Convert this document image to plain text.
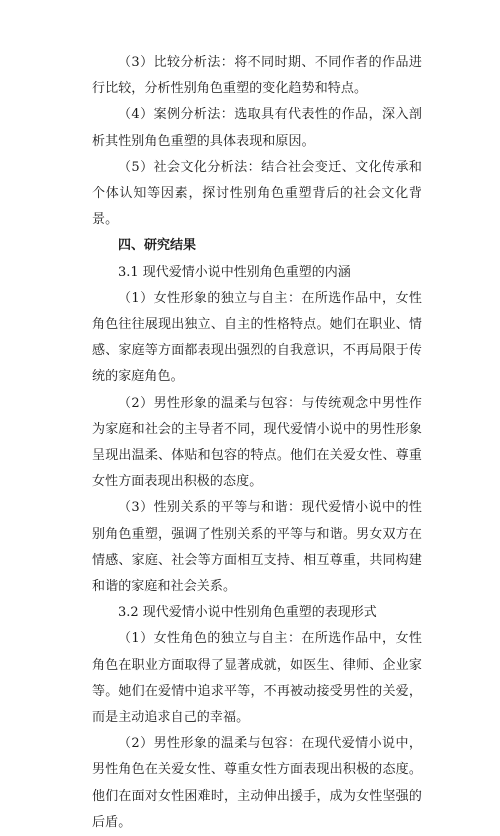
（3）比较分析法：将不同时期、不同作者的作品进行比较，分析性别角色重塑的变化趋势和特点。

（4）案例分析法：选取具有代表性的作品，深入剖析其性别角色重塑的具体表现和原因。

（5）社会文化分析法：结合社会变迁、文化传承和个体认知等因素，探讨性别角色重塑背后的社会文化背景。

四、研究结果

3.1 现代爱情小说中性别角色重塑的内涵

（1）女性形象的独立与自主：在所选作品中，女性角色往往展现出独立、自主的性格特点。她们在职业、情感、家庭等方面都表现出强烈的自我意识，不再局限于传统的家庭角色。

（2）男性形象的温柔与包容：与传统观念中男性作为家庭和社会的主导者不同，现代爱情小说中的男性形象呈现出温柔、体贴和包容的特点。他们在关爱女性、尊重女性方面表现出积极的态度。

（3）性别关系的平等与和谐：现代爱情小说中的性别角色重塑，强调了性别关系的平等与和谐。男女双方在情感、家庭、社会等方面相互支持、相互尊重，共同构建和谐的家庭和社会关系。

3.2 现代爱情小说中性别角色重塑的表现形式

（1）女性角色的独立与自主：在所选作品中，女性角色在职业方面取得了显著成就，如医生、律师、企业家等。她们在爱情中追求平等，不再被动接受男性的关爱，而是主动追求自己的幸福。

（2）男性形象的温柔与包容：在现代爱情小说中，男性角色在关爱女性、尊重女性方面表现出积极的态度。他们在面对女性困难时，主动伸出援手，成为女性坚强的后盾。
